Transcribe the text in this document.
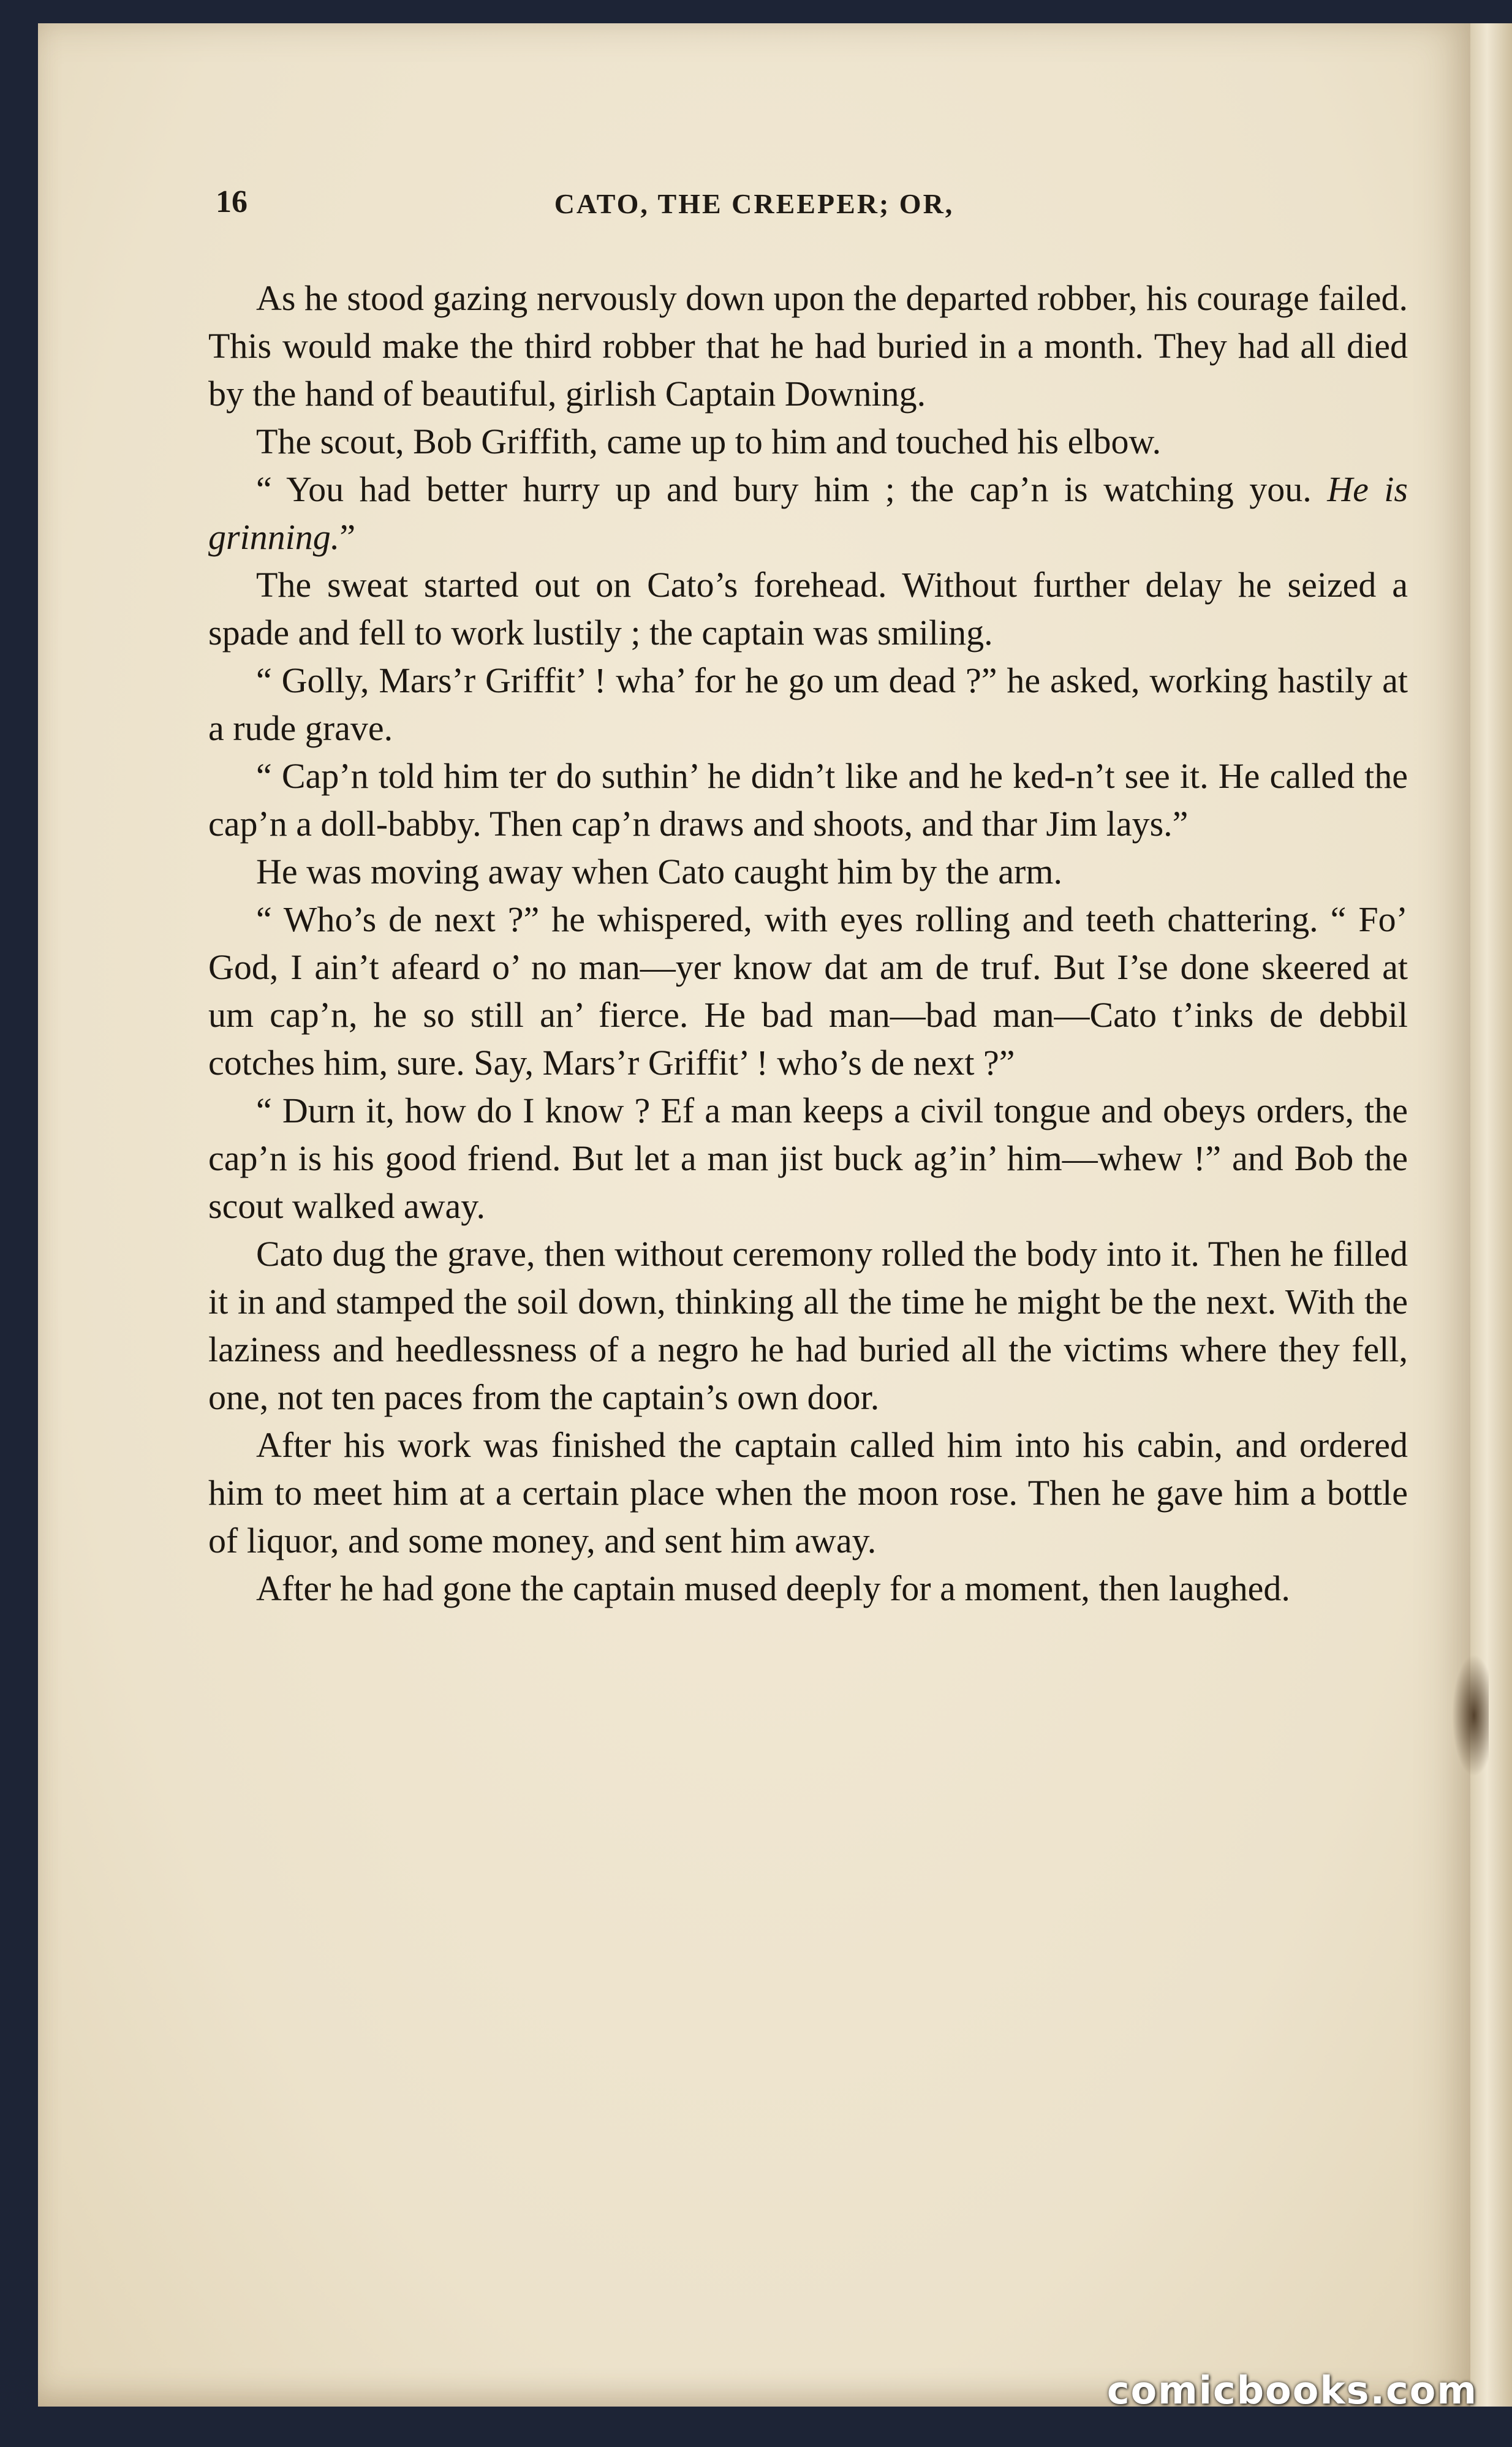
16	CATO, THE CREEPER; OR,

As he stood gazing nervously down upon the departed robber, his courage failed. This would make the third robber that he had buried in a month. They had all died by the hand of beautiful, girlish Captain Downing.

The scout, Bob Griffith, came up to him and touched his elbow.

“ You had better hurry up and bury him ; the cap’n is watching you. He is grinning.”

The sweat started out on Cato’s forehead. Without further delay he seized a spade and fell to work lustily ; the captain was smiling.

“ Golly, Mars’r Griffit’ ! wha’ for he go um dead ?” he asked, working hastily at a rude grave.

“ Cap’n told him ter do suthin’ he didn’t like and he ked-n’t see it. He called the cap’n a doll-babby. Then cap’n draws and shoots, and thar Jim lays.”

He was moving away when Cato caught him by the arm.

“ Who’s de next ?” he whispered, with eyes rolling and teeth chattering. “ Fo’ God, I ain’t afeard o’ no man—yer know dat am de truf. But I’se done skeered at um cap’n, he so still an’ fierce. He bad man—bad man—Cato t’inks de debbil cotches him, sure. Say, Mars’r Griffit’ ! who’s de next ?”

“ Durn it, how do I know ? Ef a man keeps a civil tongue and obeys orders, the cap’n is his good friend. But let a man jist buck ag’in’ him—whew !” and Bob the scout walked away.

Cato dug the grave, then without ceremony rolled the body into it. Then he filled it in and stamped the soil down, thinking all the time he might be the next. With the laziness and heedlessness of a negro he had buried all the victims where they fell, one, not ten paces from the captain’s own door.

After his work was finished the captain called him into his cabin, and ordered him to meet him at a certain place when the moon rose. Then he gave him a bottle of liquor, and some money, and sent him away.

After he had gone the captain mused deeply for a moment, then laughed.

comicbooks.com
